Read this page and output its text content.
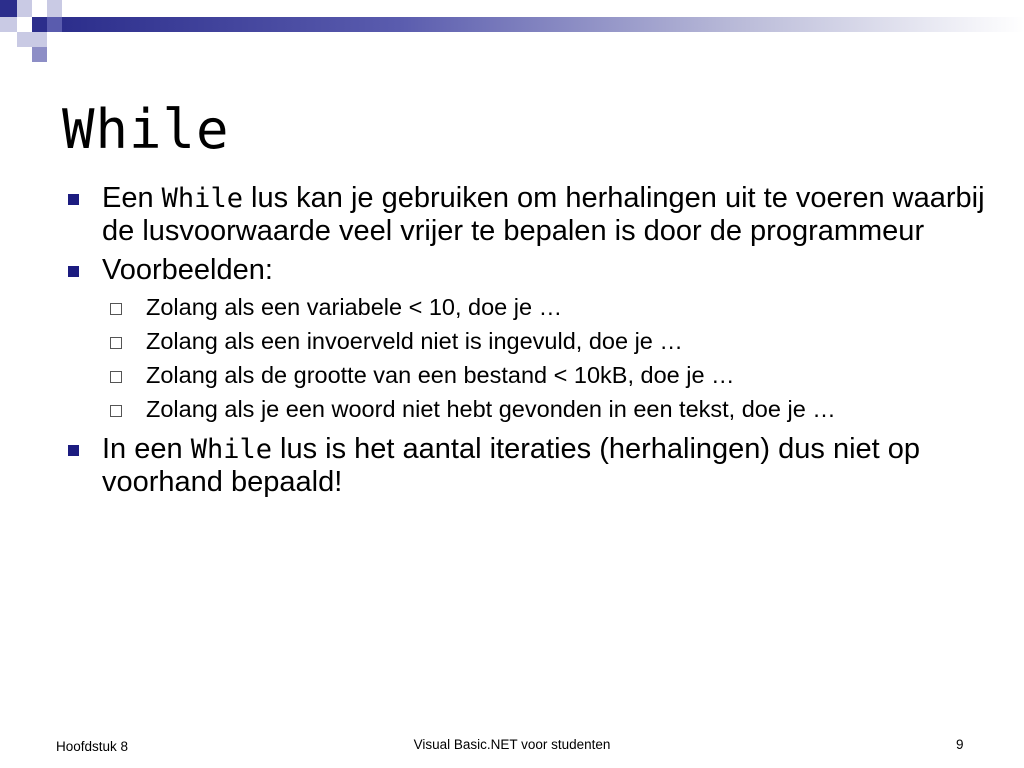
While
Een While lus kan je gebruiken om herhalingen uit te voeren waarbij de lusvoorwaarde veel vrijer te bepalen is door de programmeur
Voorbeelden:
Zolang als een variabele < 10, doe je …
Zolang als een invoerveld niet is ingevuld, doe je …
Zolang als de grootte van een bestand < 10kB, doe je …
Zolang als je een woord niet hebt gevonden in een tekst, doe je …
In een While lus is het aantal iteraties (herhalingen) dus niet op voorhand bepaald!
Hoofdstuk 8	Visual Basic.NET voor studenten	9
